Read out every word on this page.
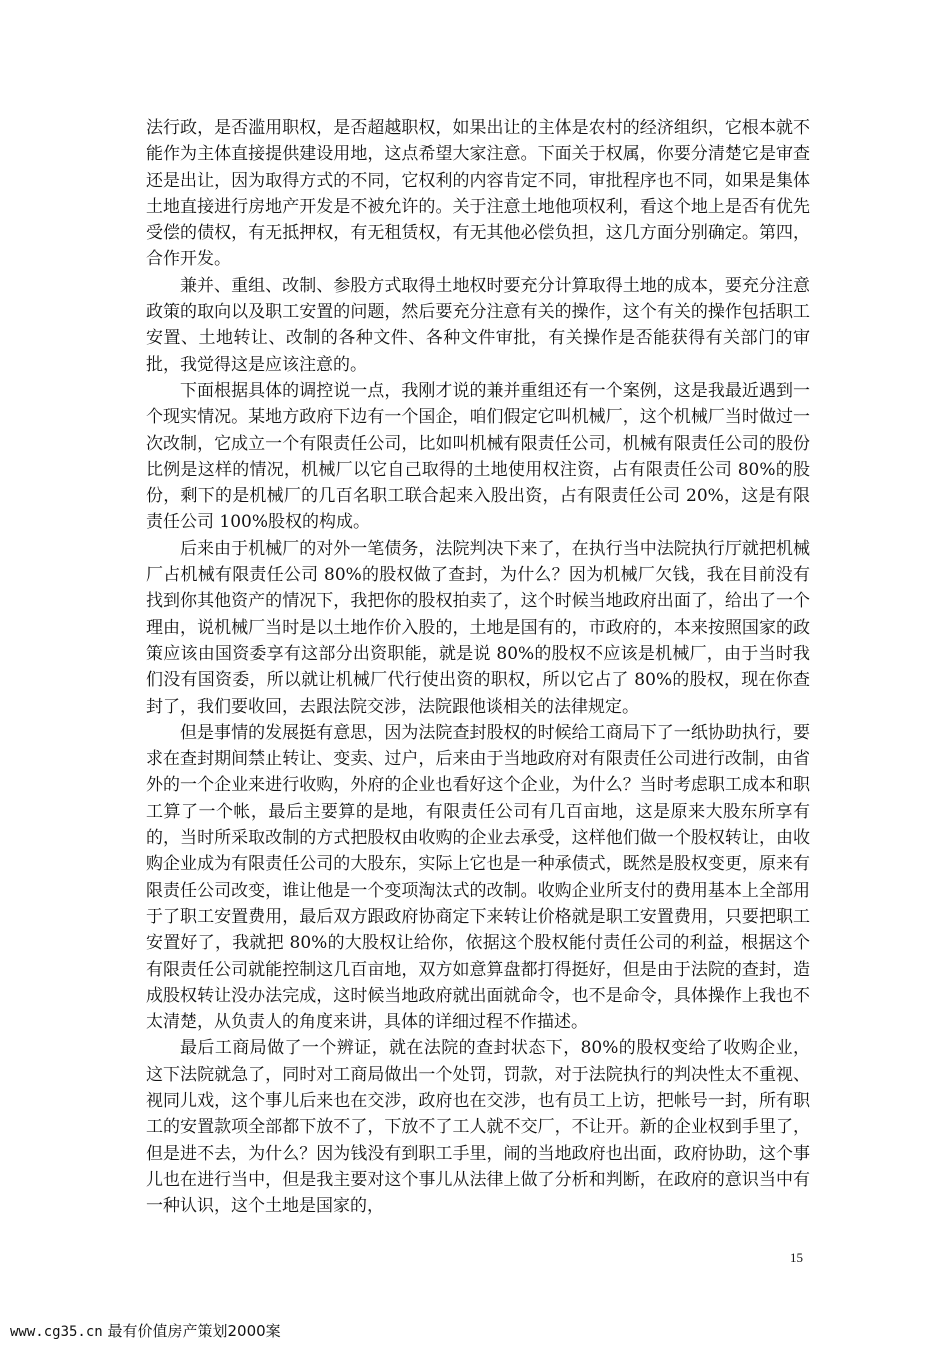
法行政，是否滥用职权，是否超越职权，如果出让的主体是农村的经济组织，它根本就不能作为主体直接提供建设用地，这点希望大家注意。下面关于权属，你要分清楚它是审查还是出让，因为取得方式的不同，它权利的内容肯定不同，审批程序也不同，如果是集体土地直接进行房地产开发是不被允许的。关于注意土地他项权利，看这个地上是否有优先受偿的债权，有无抵押权，有无租赁权，有无其他必偿负担，这几方面分别确定。第四，合作开发。

兼并、重组、改制、参股方式取得土地权时要充分计算取得土地的成本，要充分注意政策的取向以及职工安置的问题，然后要充分注意有关的操作，这个有关的操作包括职工安置、土地转让、改制的各种文件、各种文件审批，有关操作是否能获得有关部门的审批，我觉得这是应该注意的。

下面根据具体的调控说一点，我刚才说的兼并重组还有一个案例，这是我最近遇到一个现实情况。某地方政府下边有一个国企，咱们假定它叫机械厂，这个机械厂当时做过一次改制，它成立一个有限责任公司，比如叫机械有限责任公司，机械有限责任公司的股份比例是这样的情况，机械厂以它自己取得的土地使用权注资，占有限责任公司 80%的股份，剩下的是机械厂的几百名职工联合起来入股出资，占有限责任公司 20%，这是有限责任公司 100%股权的构成。

后来由于机械厂的对外一笔债务，法院判决下来了，在执行当中法院执行厅就把机械厂占机械有限责任公司 80%的股权做了查封，为什么？因为机械厂欠钱，我在目前没有找到你其他资产的情况下，我把你的股权拍卖了，这个时候当地政府出面了，给出了一个理由，说机械厂当时是以土地作价入股的，土地是国有的，市政府的，本来按照国家的政策应该由国资委享有这部分出资职能，就是说 80%的股权不应该是机械厂，由于当时我们没有国资委，所以就让机械厂代行使出资的职权，所以它占了 80%的股权，现在你查封了，我们要收回，去跟法院交涉，法院跟他谈相关的法律规定。

但是事情的发展挺有意思，因为法院查封股权的时候给工商局下了一纸协助执行，要求在查封期间禁止转让、变卖、过户，后来由于当地政府对有限责任公司进行改制，由省外的一个企业来进行收购，外府的企业也看好这个企业，为什么？当时考虑职工成本和职工算了一个帐，最后主要算的是地，有限责任公司有几百亩地，这是原来大股东所享有的，当时所采取改制的方式把股权由收购的企业去承受，这样他们做一个股权转让，由收购企业成为有限责任公司的大股东，实际上它也是一种承债式，既然是股权变更，原来有限责任公司改变，谁让他是一个变项淘汰式的改制。收购企业所支付的费用基本上全部用于了职工安置费用，最后双方跟政府协商定下来转让价格就是职工安置费用，只要把职工安置好了，我就把 80%的大股权让给你，依据这个股权能付责任公司的利益，根据这个有限责任公司就能控制这几百亩地，双方如意算盘都打得挺好，但是由于法院的查封，造成股权转让没办法完成，这时候当地政府就出面就命令，也不是命令，具体操作上我也不太清楚，从负责人的角度来讲，具体的详细过程不作描述。

最后工商局做了一个辨证，就在法院的查封状态下，80%的股权变给了收购企业，这下法院就急了，同时对工商局做出一个处罚，罚款，对于法院执行的判决性太不重视、视同儿戏，这个事儿后来也在交涉，政府也在交涉，也有员工上访，把帐号一封，所有职工的安置款项全部都下放不了，下放不了工人就不交厂，不让开。新的企业权到手里了，但是进不去，为什么？因为钱没有到职工手里，闹的当地政府也出面，政府协助，这个事儿也在进行当中，但是我主要对这个事儿从法律上做了分析和判断，在政府的意识当中有一种认识，这个土地是国家的，

15
www.cg35.cn 最有价值房产策划2000案
